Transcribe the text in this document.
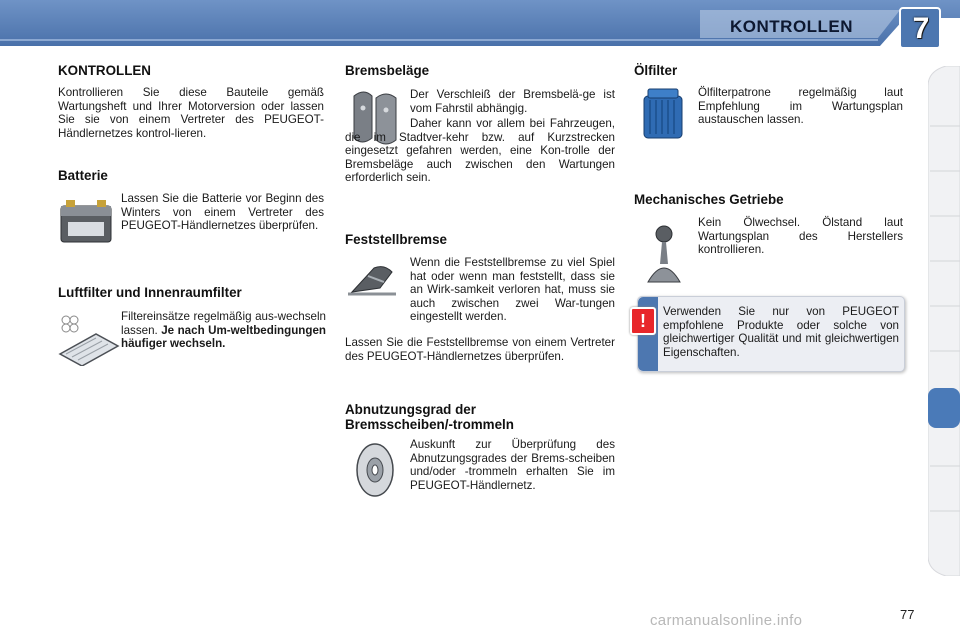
KONTROLLEN	7
KONTROLLEN

Kontrollieren Sie diese Bauteile gemäß Wartungsheft und Ihrer Motorversion oder lassen Sie sie von einem Vertreter des PEUGEOT-Händlernetzes kontrol-lieren.

Batterie

Lassen Sie die Batterie vor Beginn des Winters von einem Vertreter des PEUGEOT-Händlernetzes überprüfen.

Luftfilter und Innenraumfilter

Filtereinsätze regelmäßig aus-wechseln lassen. Je nach Um-weltbedingungen häufiger wechseln.

Bremsbeläge

Der Verschleiß der Bremsbelä-ge ist vom Fahrstil abhängig.

Daher kann vor allem bei Fahrzeugen, die im Stadtver-kehr bzw. auf Kurzstrecken eingesetzt gefahren werden, eine Kon-trolle der Bremsbeläge auch zwischen den Wartungen erforderlich sein.

Feststellbremse

Wenn die Feststellbremse zu viel Spiel hat oder wenn man feststellt, dass sie an Wirk-samkeit verloren hat, muss sie auch zwischen zwei War-tungen eingestellt werden.

Lassen Sie die Feststellbremse von einem Vertreter des PEUGEOT-Händlernetzes überprüfen.

Abnutzungsgrad der Bremsscheiben/-trommeln

Auskunft zur Überprüfung des Abnutzungsgrades der Brems-scheiben und/oder -trommeln erhalten Sie im PEUGEOT-Händlernetz.

Ölfilter

Ölfilterpatrone regelmäßig laut Empfehlung im Wartungsplan austauschen lassen.

Mechanisches Getriebe

Kein Ölwechsel. Ölstand laut Wartungsplan des Herstellers kontrollieren.

!	Verwenden Sie nur von PEUGEOT empfohlene Produkte oder solche von gleichwertiger Qualität und mit gleichwertigen Eigenschaften.

carmanualsonline.info	77
